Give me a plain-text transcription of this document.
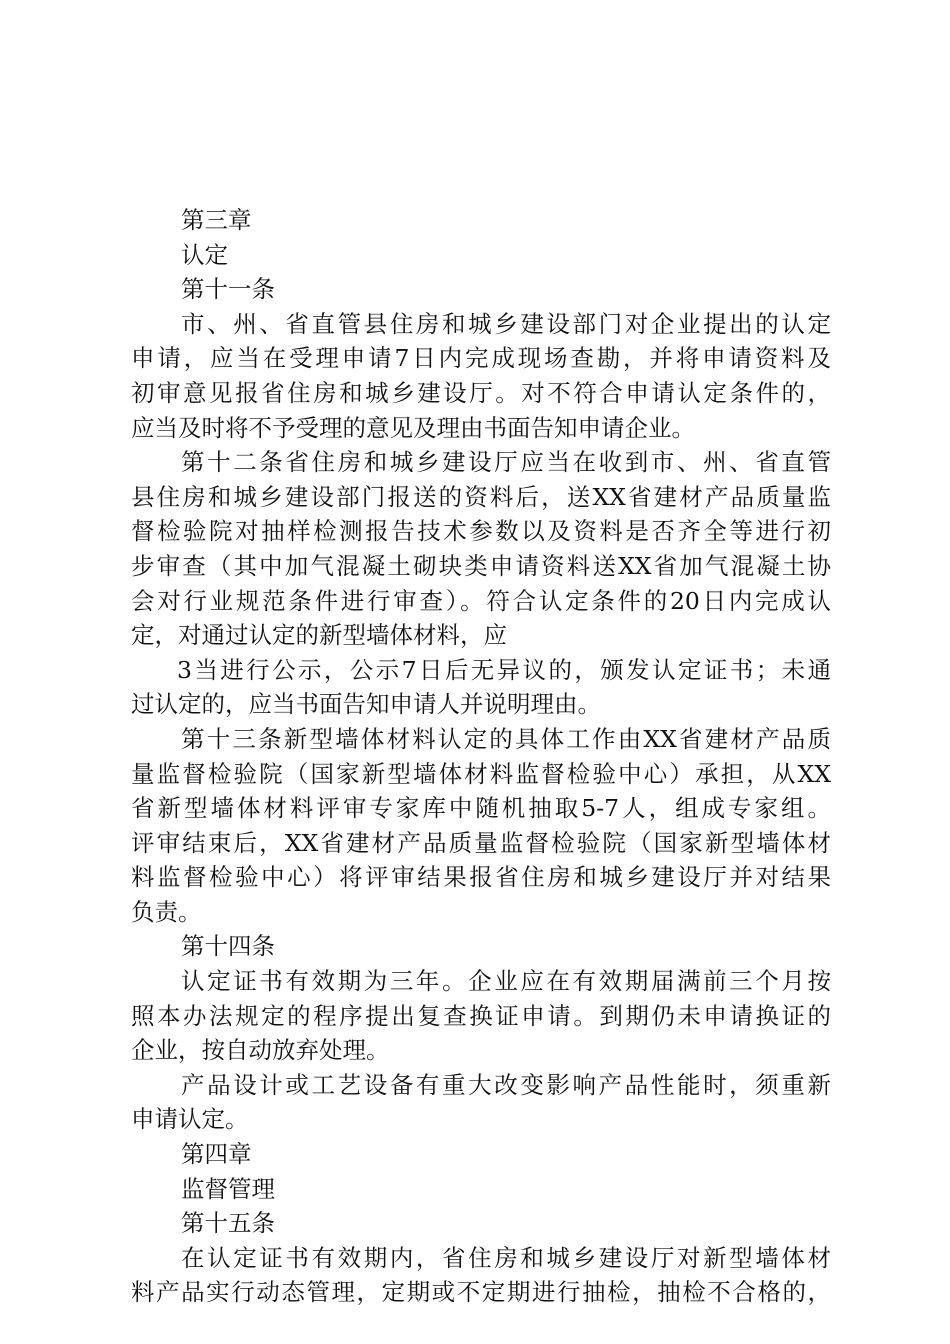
第三章
认定
第十一条
市、州、省直管县住房和城乡建设部门对企业提出的认定
申请，应当在受理申请7日内完成现场查勘，并将申请资料及
初审意见报省住房和城乡建设厅。对不符合申请认定条件的，
应当及时将不予受理的意见及理由书面告知申请企业。
第十二条省住房和城乡建设厅应当在收到市、州、省直管
县住房和城乡建设部门报送的资料后，送XX省建材产品质量监
督检验院对抽样检测报告技术参数以及资料是否齐全等进行初
步审查（其中加气混凝土砌块类申请资料送XX省加气混凝土协
会对行业规范条件进行审查）。符合认定条件的20日内完成认
定，对通过认定的新型墙体材料，应
3当进行公示，公示7日后无异议的，颁发认定证书；未通
过认定的，应当书面告知申请人并说明理由。
第十三条新型墙体材料认定的具体工作由XX省建材产品质
量监督检验院（国家新型墙体材料监督检验中心）承担，从XX
省新型墙体材料评审专家库中随机抽取5-7人，组成专家组。
评审结束后，XX省建材产品质量监督检验院（国家新型墙体材
料监督检验中心）将评审结果报省住房和城乡建设厅并对结果
负责。
第十四条
认定证书有效期为三年。企业应在有效期届满前三个月按
照本办法规定的程序提出复查换证申请。到期仍未申请换证的
企业，按自动放弃处理。
产品设计或工艺设备有重大改变影响产品性能时，须重新
申请认定。
第四章
监督管理
第十五条
在认定证书有效期内，省住房和城乡建设厅对新型墙体材
料产品实行动态管理，定期或不定期进行抽检，抽检不合格的，
